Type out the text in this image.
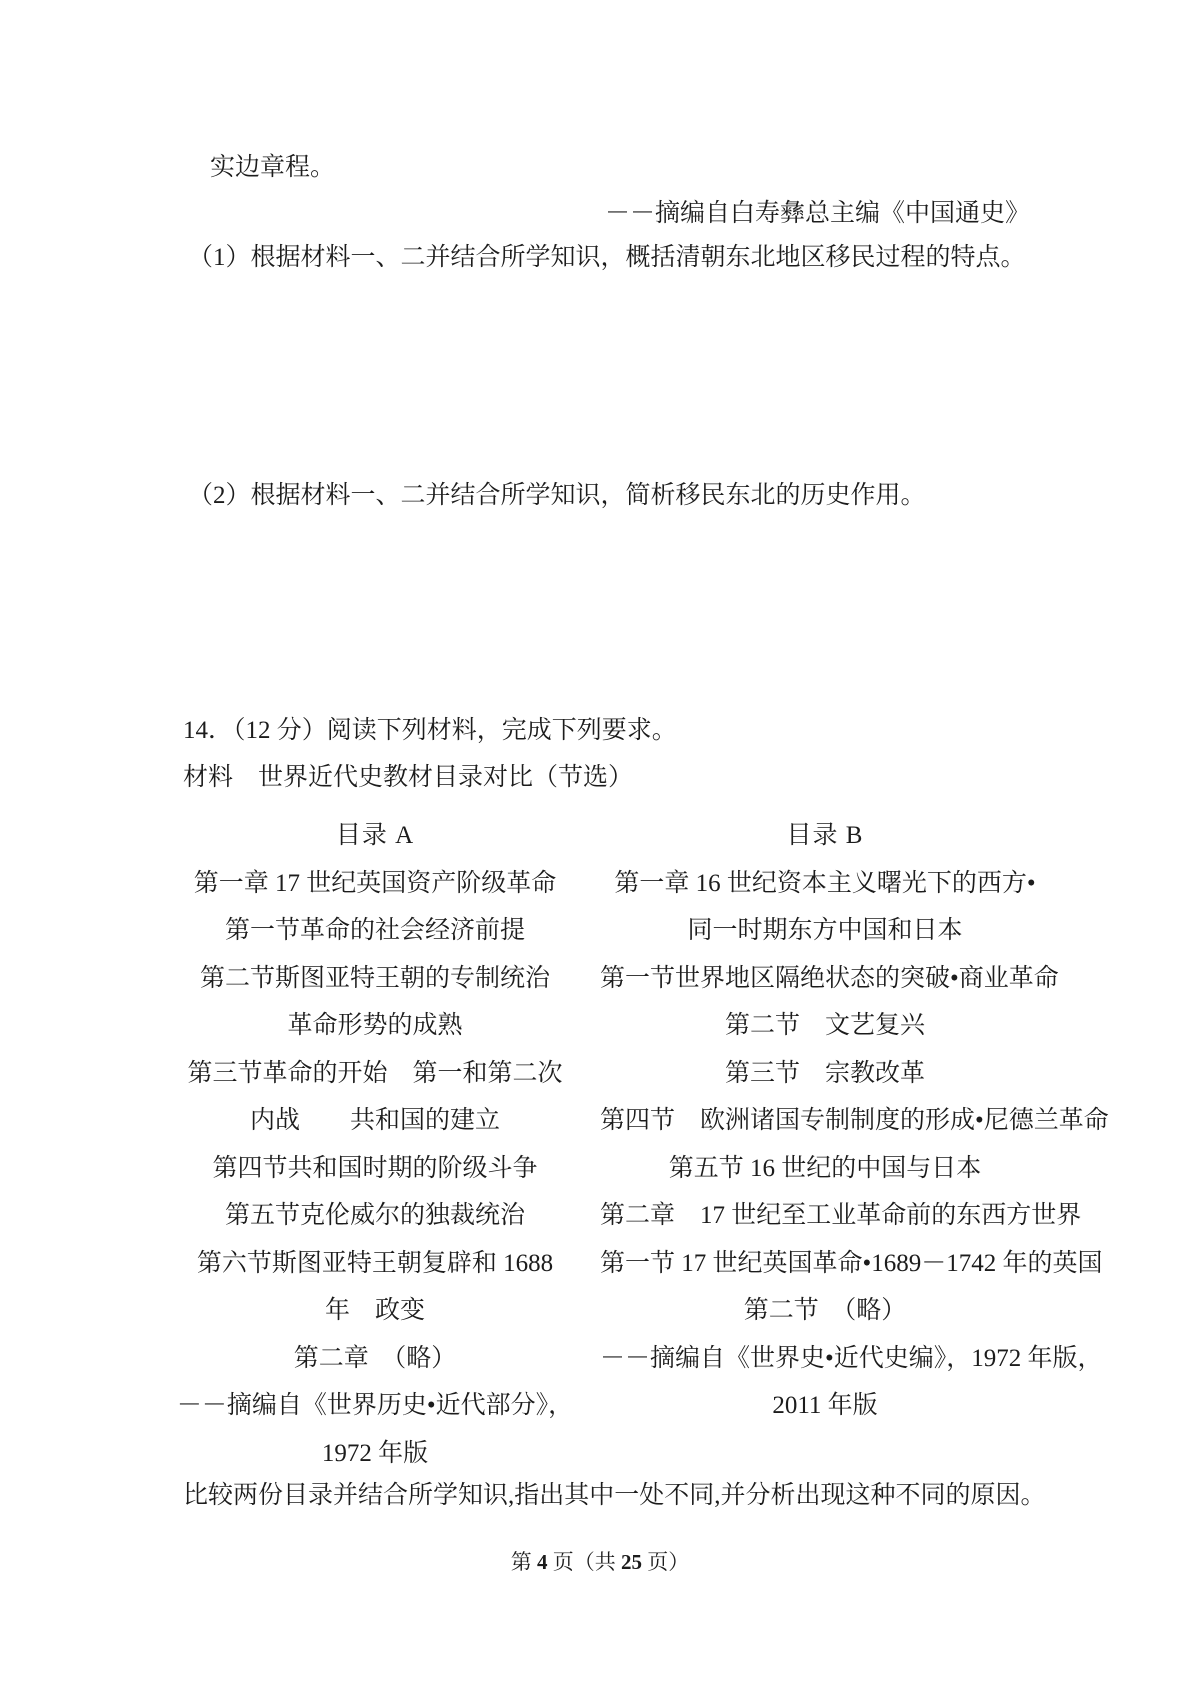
实边章程。
－－摘编自白寿彝总主编《中国通史》
（1）根据材料一、二并结合所学知识，概括清朝东北地区移民过程的特点。
（2）根据材料一、二并结合所学知识，简析移民东北的历史作用。
14．（12 分）阅读下列材料，完成下列要求。
材料　世界近代史教材目录对比（节选）
目录 A	目录 B
第一章 17 世纪英国资产阶级革命	第一章 16 世纪资本主义曙光下的西方•
第一节革命的社会经济前提	同一时期东方中国和日本
第二节斯图亚特王朝的专制统治	第一节世界地区隔绝状态的突破•商业革命
革命形势的成熟	第二节　文艺复兴
第三节革命的开始　第一和第二次	第三节　宗教改革
内战　　共和国的建立	第四节　欧洲诸国专制制度的形成•尼德兰革命
第四节共和国时期的阶级斗争	第五节 16 世纪的中国与日本
第五节克伦威尔的独裁统治	第二章　17 世纪至工业革命前的东西方世界
第六节斯图亚特王朝复辟和 1688	第一节 17 世纪英国革命•1689－1742 年的英国
年　政变	第二节　（略）
第二章　（略）	－－摘编自《世界史•近代史编》，1972 年版，
－－摘编自《世界历史•近代部分》，	2011 年版
1972 年版
比较两份目录并结合所学知识,指出其中一处不同,并分析出现这种不同的原因。
第 4 页（共 25 页）
